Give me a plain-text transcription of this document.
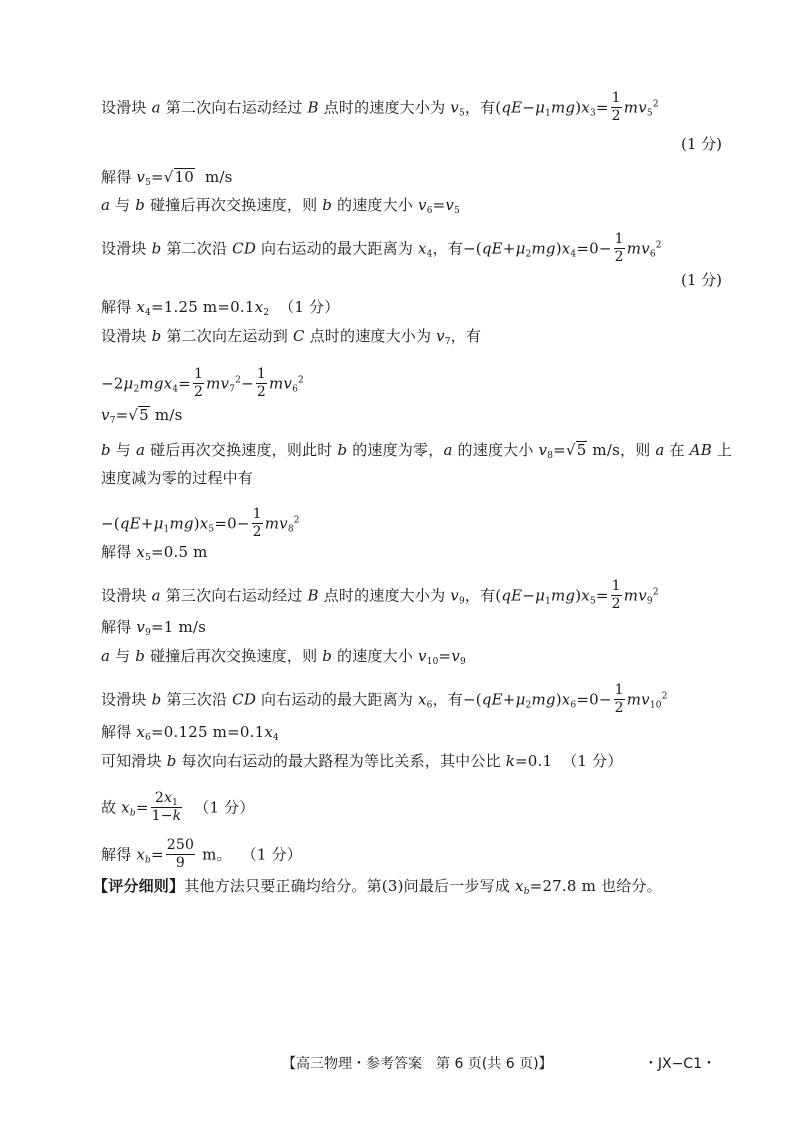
设滑块 a 第二次向右运动经过 B 点时的速度大小为 $v_5$，有$(qE-\mu_1mg)x_3= \frac{1}{2} mv_5^2$
(1 分)
解得 $v_5=√10$  m/s
a 与 b 碰撞后再次交换速度，则 b 的速度大小 $v_6=v_5$
设滑块 b 第二次沿 CD 向右运动的最大距离为 $x_4$，有$-(qE+\mu_2mg)x_4=0- \frac{1}{2} mv_6^2$
(1 分)
解得 $x_4=1.25$ $m=0.1x_2$ （1 分）
设滑块 b 第二次向左运动到 C 点时的速度大小为 $v_7$，有
$-2\mu_2mgx_4= \frac{1}{2} mv_7^2- \frac{1}{2} mv_6^2$
$v_7=√5$ m/s
b 与 a 碰后再次交换速度，则此时 b 的速度为零，a 的速度大小 $v_8=√5$ m/s，则 a 在 AB 上
速度减为零的过程中有
$-(qE+\mu_1mg)x_5=0- \frac{1}{2} mv_8^2$
解得 $x_5=0.5$ m
设滑块 a 第三次向右运动经过 B 点时的速度大小为 $v_9$，有$(qE-\mu_1mg)x_5= \frac{1}{2} mv_9^2$
解得 $v_9=1$ m/s
a 与 b 碰撞后再次交换速度，则 b 的速度大小 $v_{10}=v_9$
设滑块 b 第三次沿 CD 向右运动的最大距离为 $x_6$，有$-(qE+\mu_2mg)x_6=0- \frac{1}{2} mv_{10}^2$
解得 $x_6=0.125$ $m=0.1x_4$
可知滑块 b 每次向右运动的最大路程为等比关系，其中公比 k=0.1  （1 分）
故 $x_b= \frac{2x_1}{1-k} (1$ 分）
解得 $x_b= \frac{250}{9}$ m。  （1 分）
【评分细则】其他方法只要正确均给分。第(3)问最后一步写成 $x_b=27.8$ m 也给分。
【高三物理・参考答案　第 6 页(共 6 页)】	・JX−C1・
